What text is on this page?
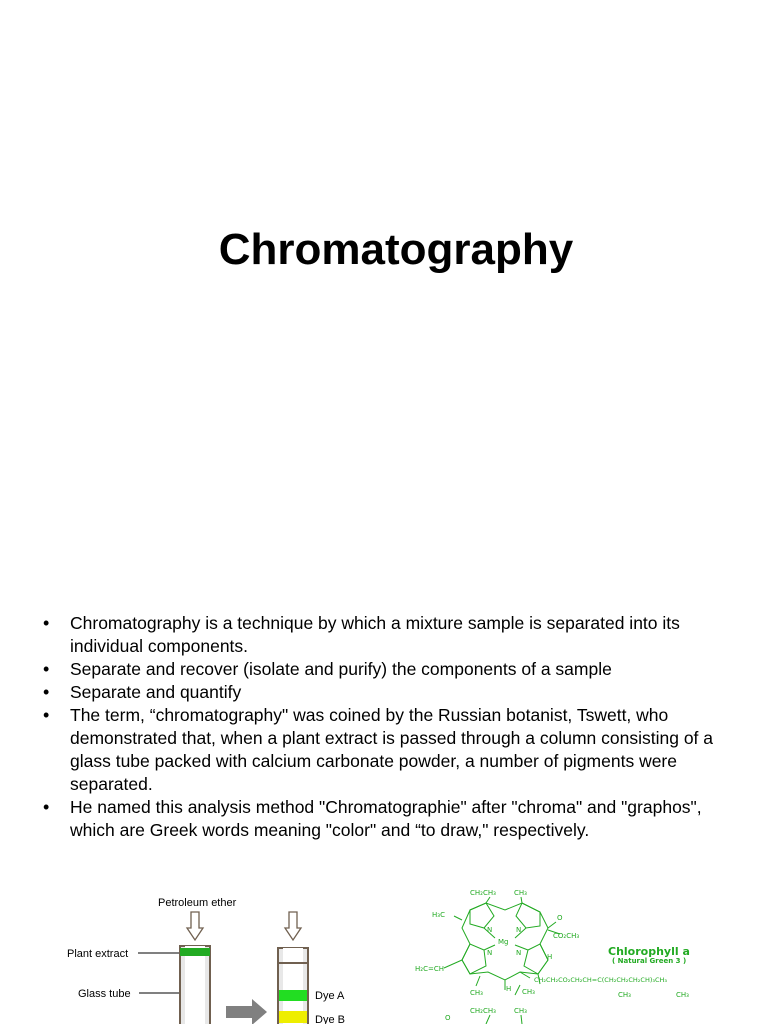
Chromatography
• Chromatography is a technique by which a mixture sample is separated into its individual components.
• Separate and recover (isolate and purify) the components of a sample
• Separate and quantify
• The term, “chromatography" was coined by the Russian botanist, Tswett, who demonstrated that, when a plant extract is passed through a column consisting of a glass tube packed with calcium carbonate powder, a number of pigments were separated.
• He named this analysis method "Chromatographie" after "chroma" and "graphos", which are Greek words meaning "color" and “to draw," respectively.
Petroleum ether
Plant extract
Glass tube	Dye A
Dye B
CH₂CH₃	CH₃
H₃C
Mg
N	N
N
N
O
CO₂CH₃
H₂C=CH
H
H
CH₃	CH₃
CH₂CH₂CO₂CH₂CH=C(CH₂CH₂CH₂CH)₃CH₃
CH₃	CH₃
CH₂CH₃	CH₃
O
Chlorophyll a
( Natural Green 3 )
